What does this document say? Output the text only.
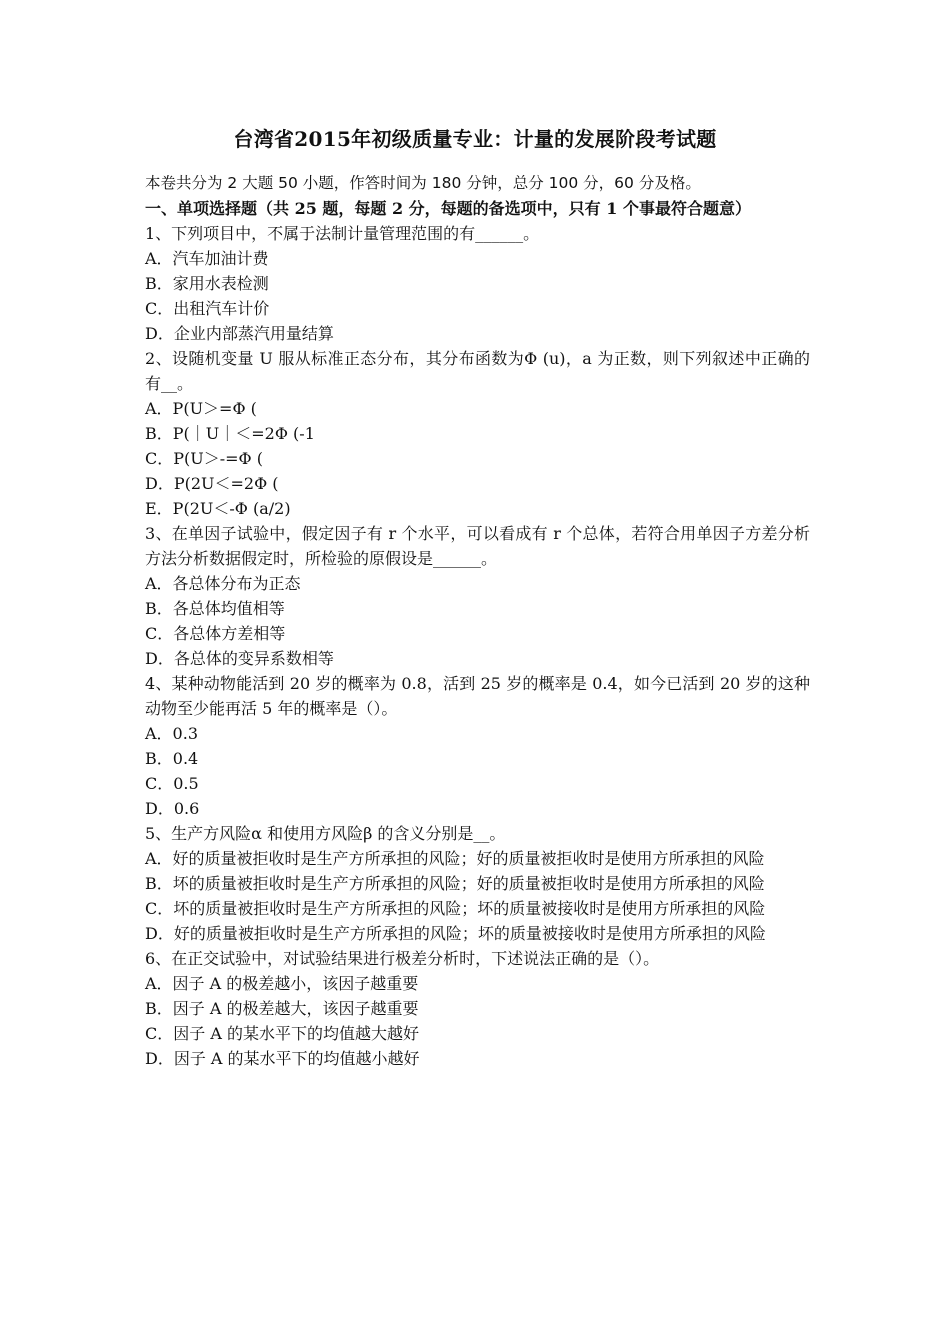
台湾省2015年初级质量专业：计量的发展阶段考试题
本卷共分为 2 大题 50 小题，作答时间为 180 分钟，总分 100 分，60 分及格。
一、单项选择题（共 25 题，每题 2 分，每题的备选项中，只有 1 个事最符合题意）
1、下列项目中，不属于法制计量管理范围的有______。
A．汽车加油计费
B．家用水表检测
C．出租汽车计价
D．企业内部蒸汽用量结算
2、设随机变量 U 服从标准正态分布，其分布函数为Φ (u)，a 为正数，则下列叙述中正确的有__。
A．P(U＞=Φ (
B．P(｜U｜＜=2Φ (-1
C．P(U＞-=Φ (
D．P(2U＜=2Φ (
E．P(2U＜-Φ (a/2)
3、在单因子试验中，假定因子有 r 个水平，可以看成有 r 个总体，若符合用单因子方差分析方法分析数据假定时，所检验的原假设是______。
A．各总体分布为正态
B．各总体均值相等
C．各总体方差相等
D．各总体的变异系数相等
4、某种动物能活到 20 岁的概率为 0.8，活到 25 岁的概率是 0.4，如今已活到 20 岁的这种动物至少能再活 5 年的概率是（）。
A．0.3
B．0.4
C．0.5
D．0.6
5、生产方风险α 和使用方风险β 的含义分别是__。
A．好的质量被拒收时是生产方所承担的风险；好的质量被拒收时是使用方所承担的风险
B．坏的质量被拒收时是生产方所承担的风险；好的质量被拒收时是使用方所承担的风险
C．坏的质量被拒收时是生产方所承担的风险；坏的质量被接收时是使用方所承担的风险
D．好的质量被拒收时是生产方所承担的风险；坏的质量被接收时是使用方所承担的风险
6、在正交试验中，对试验结果进行极差分析时，下述说法正确的是（）。
A．因子 A 的极差越小，该因子越重要
B．因子 A 的极差越大，该因子越重要
C．因子 A 的某水平下的均值越大越好
D．因子 A 的某水平下的均值越小越好
